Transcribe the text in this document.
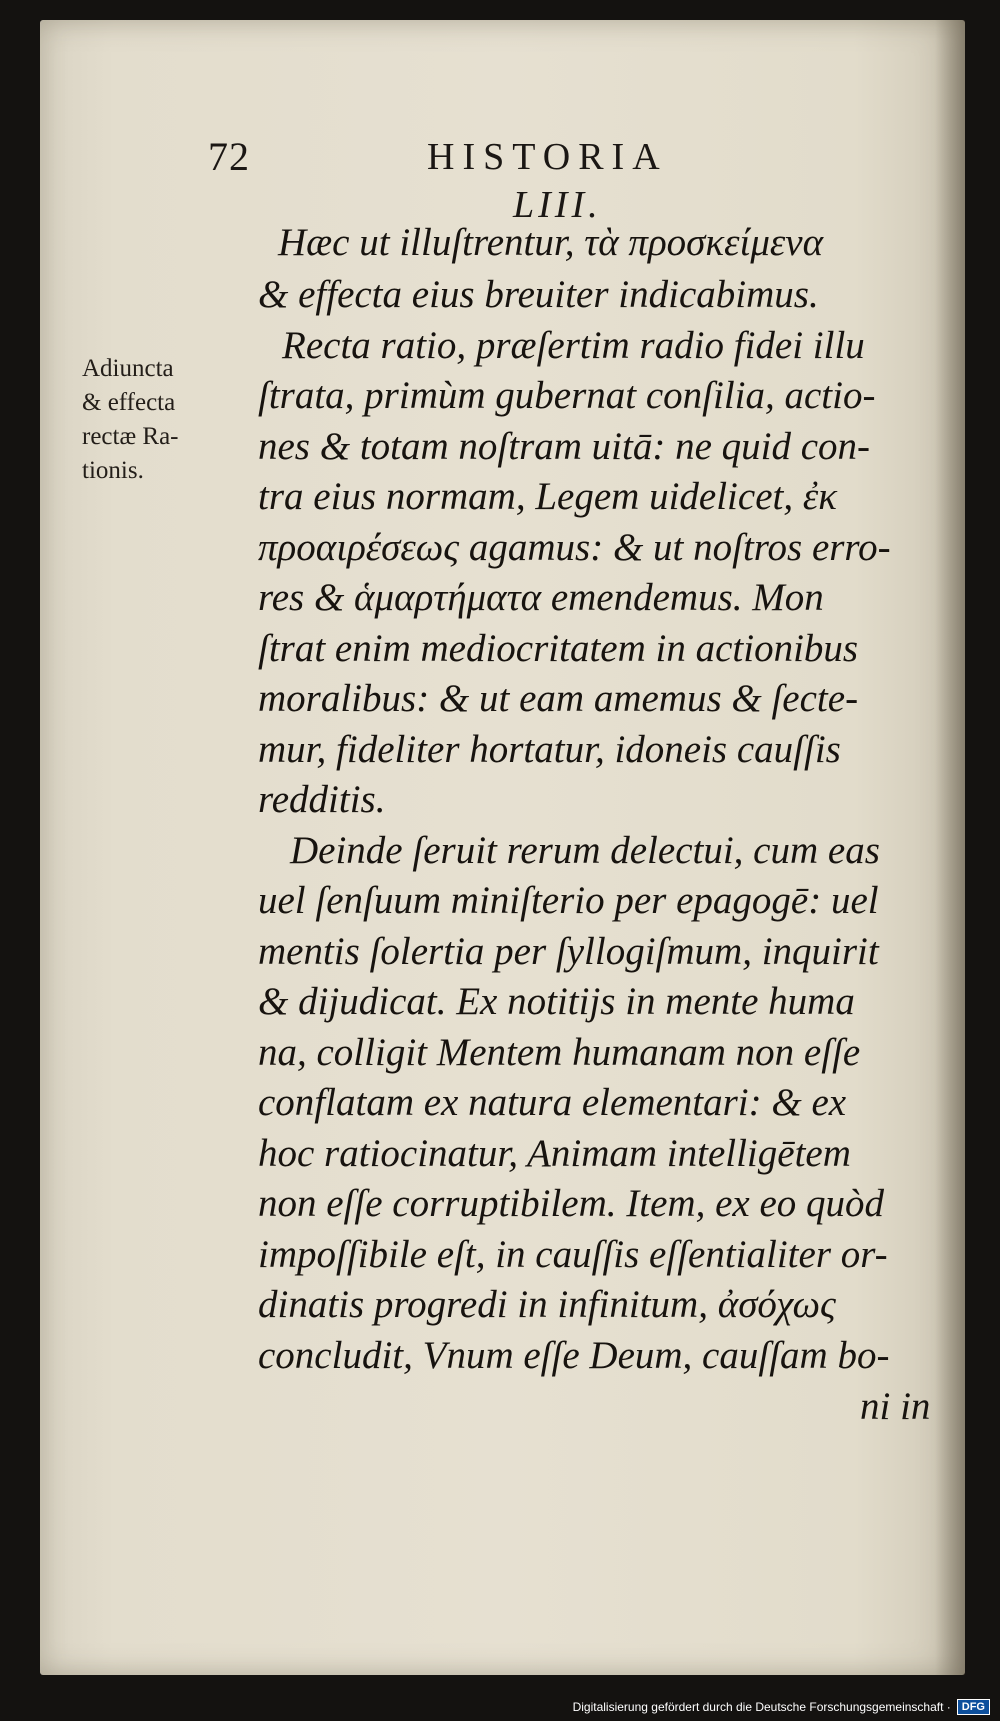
72	HISTORIA
LIII.
Adiuncta
& effecta
rectæ Ra-
tionis.
Hæc ut illuſtrentur, τὰ προσκείμενα
& effecta eius breuiter indicabimus.
Recta ratio, præſertim radio fidei illu
ſtrata, primùm gubernat conſilia, actio-
nes & totam noſtram uitā: ne quid con-
tra eius normam, Legem uidelicet, ἐκ
προαιρέσεως agamus: & ut noſtros erro-
res & ἁμαρτήματα emendemus. Mon
ſtrat enim mediocritatem in actionibus
moralibus: & ut eam amemus & ſecte-
mur, fideliter hortatur, idoneis cauſſis
redditis.
Deinde ſeruit rerum delectui, cum eas
uel ſenſuum miniſterio per epagogē: uel
mentis ſolertia per ſyllogiſmum, inquirit
& dijudicat. Ex notitijs in mente huma
na, colligit Mentem humanam non eſſe
conflatam ex natura elementari: & ex
hoc ratiocinatur, Animam intelligētem
non eſſe corruptibilem. Item, ex eo quòd
impoſſibile eſt, in cauſſis eſſentialiter or-
dinatis progredi in infinitum, ἀσόχως
concludit, Vnum eſſe Deum, cauſſam bo-
ni in
Digitalisierung gefördert durch die Deutsche Forschungsgemeinschaft ·	DFG
